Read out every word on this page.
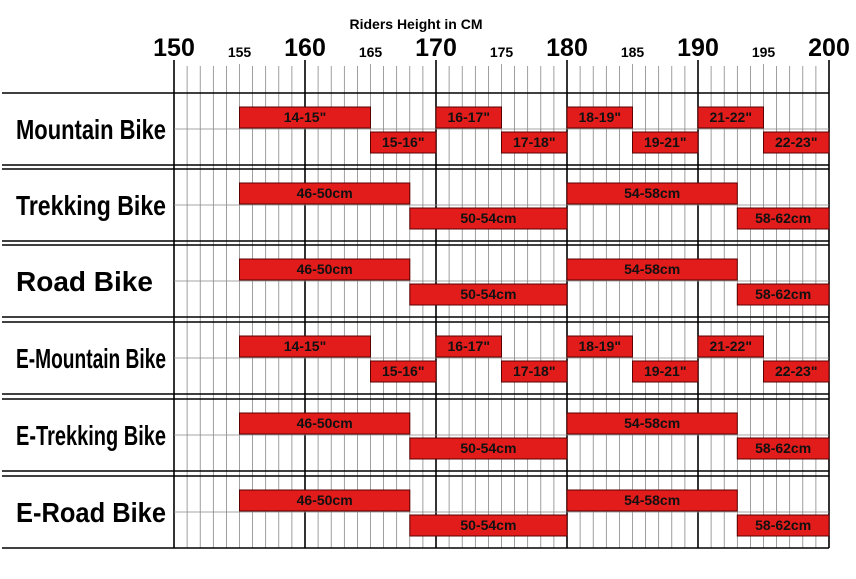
Riders Height in CM
150	160	170	180	190	200
155	165	175	185	195
Mountain Bike	14-15"
15-16"
16-17"
17-18"
18-19"
19-21"
21-22"
22-23"
Trekking Bike	46-50cm
50-54cm
54-58cm
58-62cm
Road Bike	46-50cm
50-54cm
54-58cm
58-62cm
E-Mountain Bike	14-15"
15-16"
16-17"
17-18"
18-19"
19-21"
21-22"
22-23"
E-Trekking Bike	46-50cm
50-54cm
54-58cm
58-62cm
E-Road Bike	46-50cm
50-54cm
54-58cm
58-62cm
